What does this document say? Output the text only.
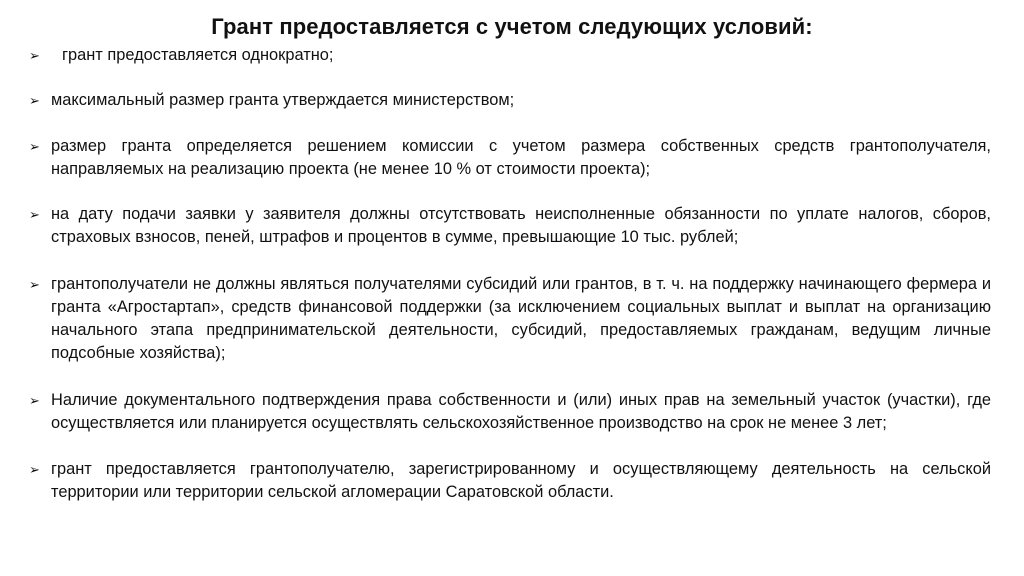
Грант предоставляется с учетом следующих условий:
➢ грант предоставляется однократно;
➢ максимальный размер гранта утверждается министерством;
➢ размер гранта определяется решением комиссии с учетом размера собственных средств грантополучателя, направляемых на реализацию проекта (не менее 10 % от стоимости проекта);
➢ на дату подачи заявки у заявителя должны отсутствовать неисполненные обязанности по уплате налогов, сборов, страховых взносов, пеней, штрафов и процентов в сумме, превышающие 10 тыс. рублей;
➢ грантополучатели не должны являться получателями субсидий или грантов, в т. ч. на поддержку начинающего фермера и гранта «Агростартап», средств финансовой поддержки (за исключением социальных выплат и выплат на организацию начального этапа предпринимательской деятельности, субсидий, предоставляемых гражданам, ведущим личные подсобные хозяйства);
➢ Наличие документального подтверждения права собственности и (или) иных прав на земельный участок (участки), где осуществляется или планируется осуществлять сельскохозяйственное производство на срок не менее 3 лет;
➢ грант предоставляется грантополучателю, зарегистрированному и осуществляющему деятельность на сельской территории или территории сельской агломерации Саратовской области.
